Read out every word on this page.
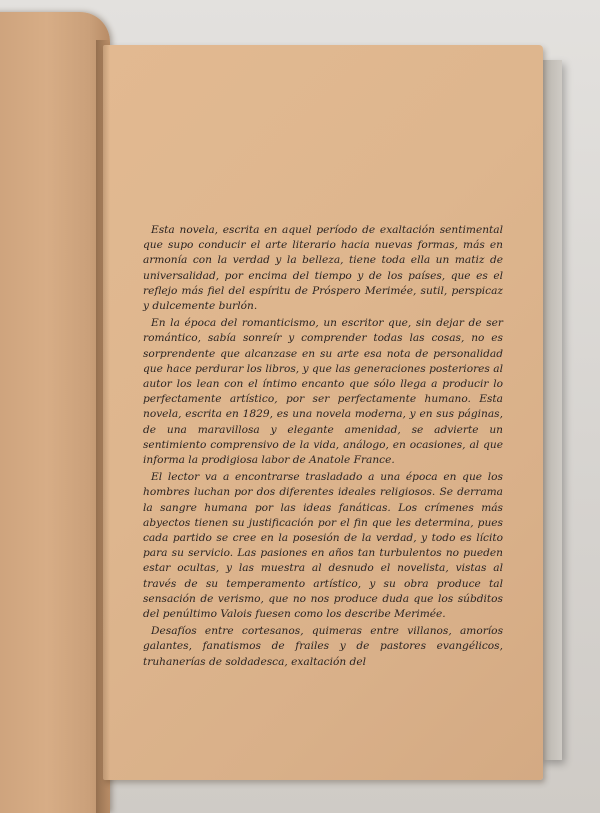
Esta novela, escrita en aquel período de exaltación sentimental que supo conducir el arte literario hacia nuevas formas, más en armonía con la verdad y la belleza, tiene toda ella un matiz de universalidad, por encima del tiempo y de los países, que es el reflejo más fiel del espíritu de Próspero Merimée, sutil, perspicaz y dulcemente burlón.

En la época del romanticismo, un escritor que, sin dejar de ser romántico, sabía sonreír y comprender todas las cosas, no es sorprendente que alcanzase en su arte esa nota de personalidad que hace perdurar los libros, y que las generaciones posteriores al autor los lean con el íntimo encanto que sólo llega a producir lo perfectamente artístico, por ser perfectamente humano. Esta novela, escrita en 1829, es una novela moderna, y en sus páginas, de una maravillosa y elegante amenidad, se advierte un sentimiento comprensivo de la vida, análogo, en ocasiones, al que informa la prodigiosa labor de Anatole France.

El lector va a encontrarse trasladado a una época en que los hombres luchan por dos diferentes ideales religiosos. Se derrama la sangre humana por las ideas fanáticas. Los crímenes más abyectos tienen su justificación por el fin que les determina, pues cada partido se cree en la posesión de la verdad, y todo es lícito para su servicio. Las pasiones en años tan turbulentos no pueden estar ocultas, y las muestra al desnudo el novelista, vistas al través de su temperamento artístico, y su obra produce tal sensación de verismo, que no nos produce duda que los súbditos del penúltimo Valois fuesen como los describe Merimée.

Desafíos entre cortesanos, quimeras entre villanos, amoríos galantes, fanatismos de frailes y de pastores evangélicos, truhanerías de soldadesca, exaltación del
